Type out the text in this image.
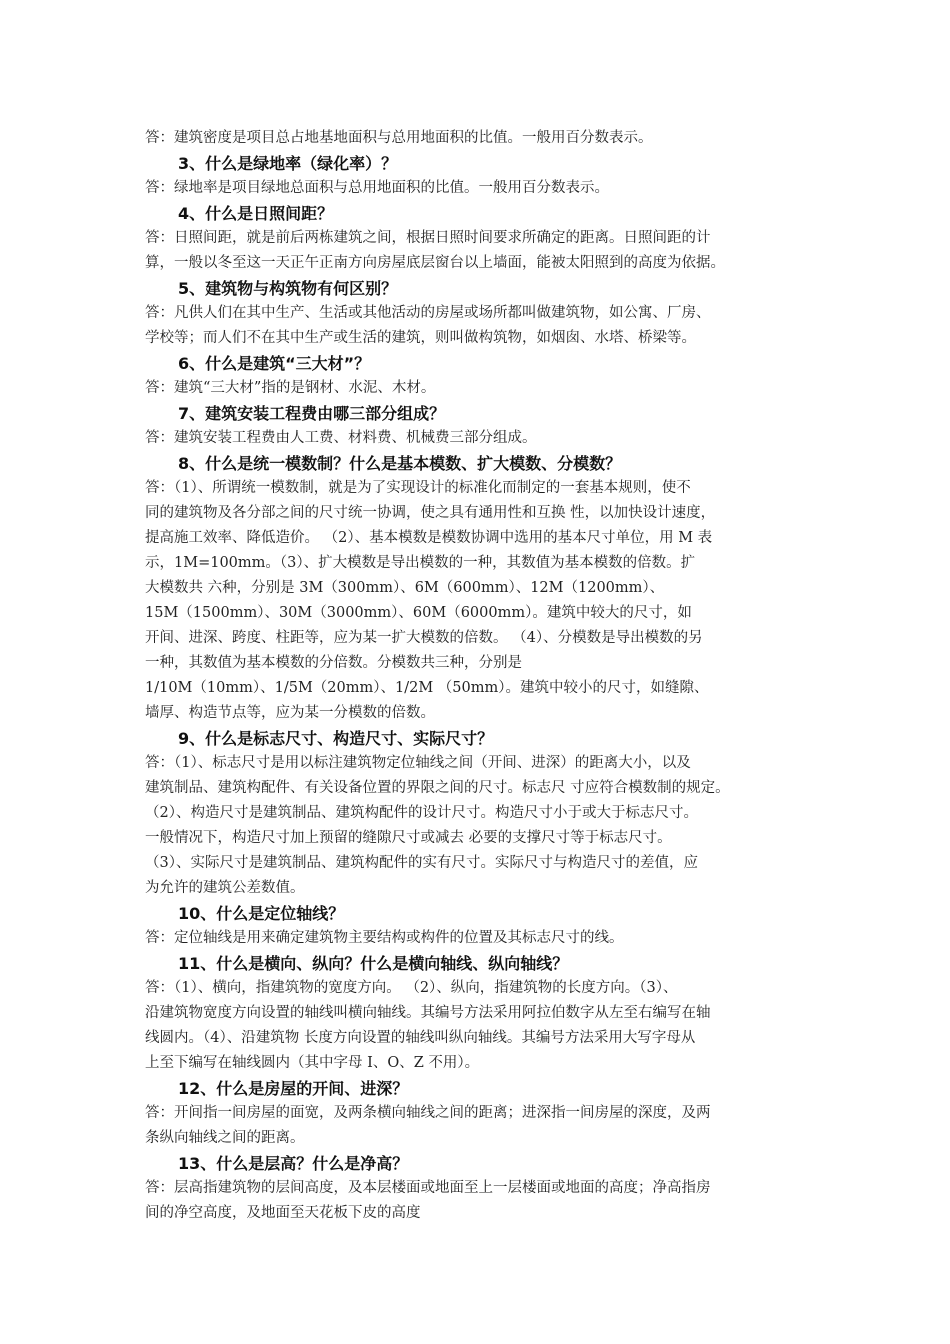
答：建筑密度是项目总占地基地面积与总用地面积的比值。一般用百分数表示。
3、什么是绿地率（绿化率）？
答：绿地率是项目绿地总面积与总用地面积的比值。一般用百分数表示。
4、什么是日照间距？
答：日照间距，就是前后两栋建筑之间，根据日照时间要求所确定的距离。日照间距的计
算，一般以冬至这一天正午正南方向房屋底层窗台以上墙面，能被太阳照到的高度为依据。
5、建筑物与构筑物有何区别？
答：凡供人们在其中生产、生活或其他活动的房屋或场所都叫做建筑物，如公寓、厂房、
学校等；而人们不在其中生产或生活的建筑，则叫做构筑物，如烟囱、水塔、桥梁等。
6、什么是建筑“三大材”？
答：建筑“三大材”指的是钢材、水泥、木材。
7、建筑安装工程费由哪三部分组成？
答：建筑安装工程费由人工费、材料费、机械费三部分组成。
8、什么是统一模数制？什么是基本模数、扩大模数、分模数？
答：（1）、所谓统一模数制，就是为了实现设计的标准化而制定的一套基本规则，使不
同的建筑物及各分部之间的尺寸统一协调，使之具有通用性和互换 性，以加快设计速度，
提高施工效率、降低造价。 （2）、基本模数是模数协调中选用的基本尺寸单位，用 M 表
示，1M=100mm。（3）、扩大模数是导出模数的一种，其数值为基本模数的倍数。扩
大模数共 六种，分别是 3M（300mm）、6M（600mm）、12M（1200mm）、
15M（1500mm）、30M（3000mm）、60M（6000mm）。建筑中较大的尺寸，如
开间、进深、跨度、柱距等，应为某一扩大模数的倍数。 （4）、分模数是导出模数的另
一种，其数值为基本模数的分倍数。分模数共三种，分别是
1/10M（10mm）、1/5M（20mm）、1/2M （50mm）。建筑中较小的尺寸，如缝隙、
墙厚、构造节点等，应为某一分模数的倍数。
9、什么是标志尺寸、构造尺寸、实际尺寸？
答：（1）、标志尺寸是用以标注建筑物定位轴线之间（开间、进深）的距离大小，以及
建筑制品、建筑构配件、有关设备位置的界限之间的尺寸。标志尺 寸应符合模数制的规定。
（2）、构造尺寸是建筑制品、建筑构配件的设计尺寸。构造尺寸小于或大于标志尺寸。
一般情况下，构造尺寸加上预留的缝隙尺寸或减去 必要的支撑尺寸等于标志尺寸。
（3）、实际尺寸是建筑制品、建筑构配件的实有尺寸。实际尺寸与构造尺寸的差值，应
为允许的建筑公差数值。
10、什么是定位轴线？
答：定位轴线是用来确定建筑物主要结构或构件的位置及其标志尺寸的线。
11、什么是横向、纵向？什么是横向轴线、纵向轴线？
答：（1）、横向，指建筑物的宽度方向。 （2）、纵向，指建筑物的长度方向。（3）、
沿建筑物宽度方向设置的轴线叫横向轴线。其编号方法采用阿拉伯数字从左至右编写在轴
线圆内。（4）、沿建筑物 长度方向设置的轴线叫纵向轴线。其编号方法采用大写字母从
上至下编写在轴线圆内（其中字母 I、O、Z 不用）。
12、什么是房屋的开间、进深？
答：开间指一间房屋的面宽，及两条横向轴线之间的距离；进深指一间房屋的深度，及两
条纵向轴线之间的距离。
13、什么是层高？什么是净高？
答：层高指建筑物的层间高度，及本层楼面或地面至上一层楼面或地面的高度；净高指房
间的净空高度，及地面至天花板下皮的高度
